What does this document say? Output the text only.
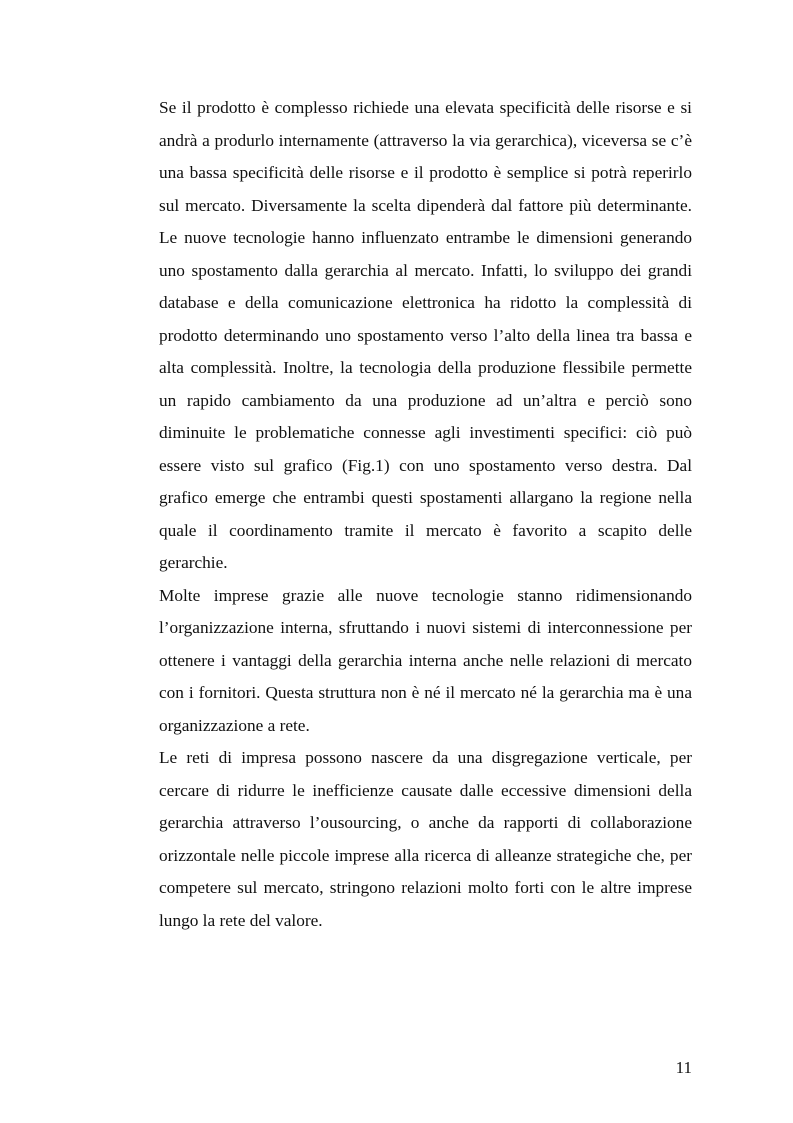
Se il prodotto è complesso richiede una elevata specificità delle risorse e si andrà a produrlo internamente (attraverso la via gerarchica), viceversa se c’è una bassa specificità delle risorse e il prodotto è semplice si potrà reperirlo sul mercato. Diversamente la scelta dipenderà dal fattore più determinante. Le nuove tecnologie hanno influenzato entrambe le dimensioni generando uno spostamento dalla gerarchia al mercato. Infatti, lo sviluppo dei grandi database e della comunicazione elettronica ha ridotto la complessità di prodotto determinando uno spostamento verso l’alto della linea tra bassa e alta complessità. Inoltre, la tecnologia della produzione flessibile permette un rapido cambiamento da una produzione ad un’altra e perciò sono diminuite le problematiche connesse agli investimenti specifici: ciò può essere visto sul grafico (Fig.1) con uno spostamento verso destra. Dal grafico emerge che entrambi questi spostamenti allargano la regione nella quale il coordinamento tramite il mercato è favorito a scapito delle gerarchie.

Molte imprese grazie alle nuove tecnologie stanno ridimensionando l’organizzazione interna, sfruttando i nuovi sistemi di interconnessione per ottenere i vantaggi della gerarchia interna anche nelle relazioni di mercato con i fornitori. Questa struttura non è né il mercato né la gerarchia ma è una organizzazione a rete.

Le reti di impresa possono nascere da una disgregazione verticale, per cercare di ridurre le inefficienze causate dalle eccessive dimensioni della gerarchia attraverso l’ousourcing, o anche da rapporti di collaborazione orizzontale nelle piccole imprese alla ricerca di alleanze strategiche che, per competere sul mercato, stringono relazioni molto forti con le altre imprese lungo la rete del valore.

11
